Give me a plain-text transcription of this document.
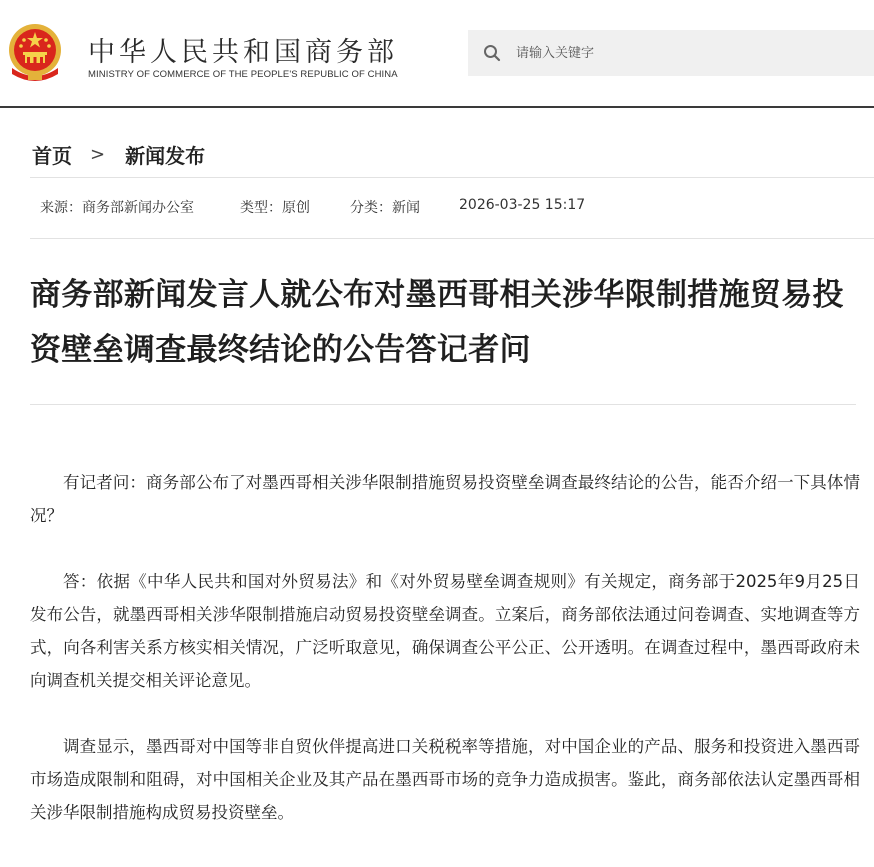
中华人民共和国商务部
MINISTRY OF COMMERCE OF THE PEOPLE'S REPUBLIC OF CHINA
请输入关键字
首页 > 新闻发布
来源：商务部新闻办公室	类型：原创	分类：新闻	2026-03-25 15:17
商务部新闻发言人就公布对墨西哥相关涉华限制措施贸易投资壁垒调查最终结论的公告答记者问

有记者问：商务部公布了对墨西哥相关涉华限制措施贸易投资壁垒调查最终结论的公告，能否介绍一下具体情况？

答：依据《中华人民共和国对外贸易法》和《对外贸易壁垒调查规则》有关规定，商务部于2025年9月25日发布公告，就墨西哥相关涉华限制措施启动贸易投资壁垒调查。立案后，商务部依法通过问卷调查、实地调查等方式，向各利害关系方核实相关情况，广泛听取意见，确保调查公平公正、公开透明。在调查过程中，墨西哥政府未向调查机关提交相关评论意见。

调查显示，墨西哥对中国等非自贸伙伴提高进口关税税率等措施，对中国企业的产品、服务和投资进入墨西哥市场造成限制和阻碍，对中国相关企业及其产品在墨西哥市场的竞争力造成损害。鉴此，商务部依法认定墨西哥相关涉华限制措施构成贸易投资壁垒。
